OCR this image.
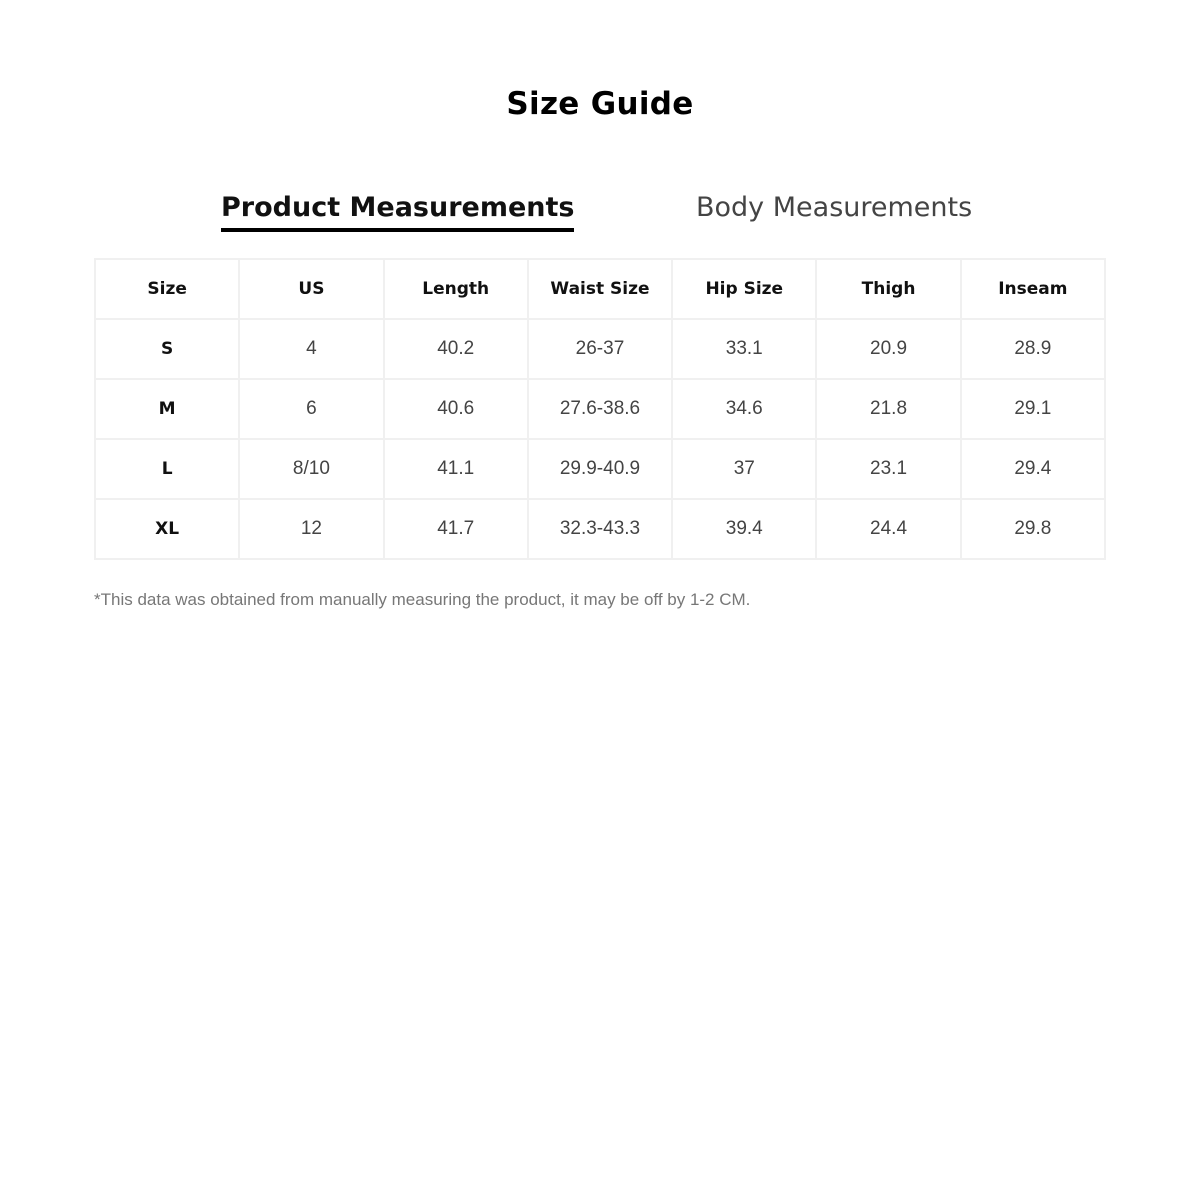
Size Guide
Product Measurements	Body Measurements
Size	US	Length	Waist Size	Hip Size	Thigh	Inseam
S	4	40.2	26-37	33.1	20.9	28.9
M	6	40.6	27.6-38.6	34.6	21.8	29.1
L	8/10	41.1	29.9-40.9	37	23.1	29.4
XL	12	41.7	32.3-43.3	39.4	24.4	29.8
*This data was obtained from manually measuring the product, it may be off by 1-2 CM.
